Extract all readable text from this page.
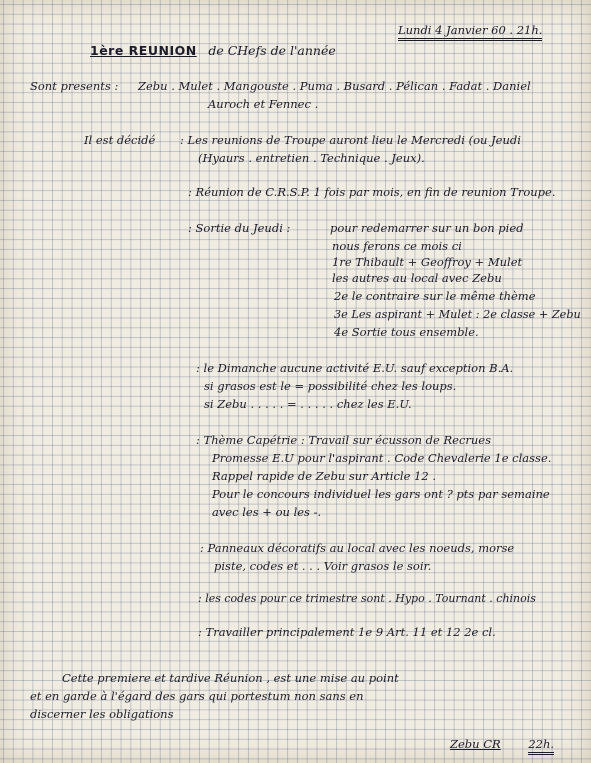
Lundi 4 Janvier 60 . 21h.
1ère REUNION de CHefs de l'année
Sont presents : Zebu . Mulet . Mangouste . Puma . Busard . Pélican . Fadat . Daniel
Auroch et Fennec .
Il est décidé : Les reunions de Troupe auront lieu le Mercredi (ou Jeudi
(Hyaurs . entretien . Technique . Jeux).
: Réunion de C.R.S.P. 1 fois par mois, en fin de reunion Troupe.
: Sortie du Jeudi :	pour redemarrer sur un bon pied
nous ferons ce mois ci
1re Thibault + Geoffroy + Mulet
les autres au local avec Zebu
2e le contraire sur le même thème
3e Les aspirant + Mulet : 2e classe + Zebu
4e Sortie tous ensemble.
: le Dimanche aucune activité E.U. sauf exception B.A.
si grasos est le = possibilité chez les loups.
si Zebu . . . . . = . . . . . chez les E.U.
: Thème Capétrie : Travail sur écusson de Recrues
Promesse E.U pour l'aspirant . Code Chevalerie 1e classe.
Rappel rapide de Zebu sur Article 12 .
Pour le concours individuel les gars ont ? pts par semaine
avec les + ou les -.
: Panneaux décoratifs au local avec les noeuds, morse
piste, codes et . . . Voir grasos le soir.
: les codes pour ce trimestre sont . Hypo . Tournant . chinois
: Travailler principalement 1e 9 Art. 11 et 12 2e cl.
Cette premiere et tardive Réunion , est une mise au point
et en garde à l'égard des gars qui portestum non sans en
discerner les obligations
Zebu CR 22h.
